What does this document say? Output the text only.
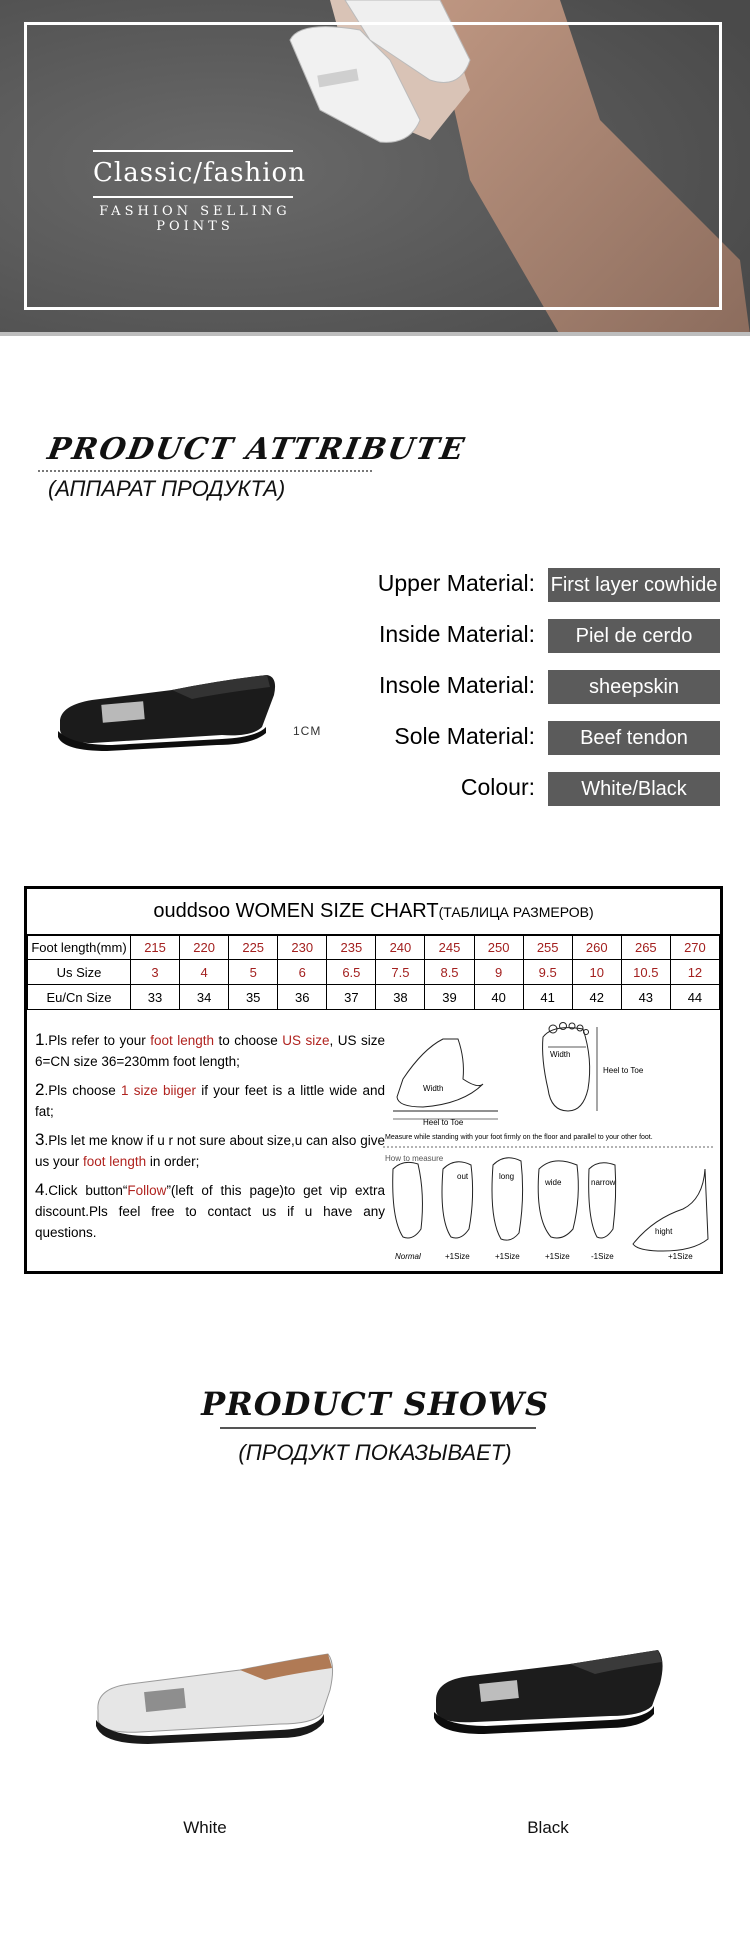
Classic/fashion
FASHION SELLING POINTS
PRODUCT ATTRIBUTE
(АППАРАТ ПРОДУКТА)
Upper Material: First layer cowhide
Inside Material:	Piel de cerdo
Insole Material:	sheepskin
Sole Material:	Beef tendon
Colour:	White/Black
1CM
ouddsoo WOMEN SIZE CHART(ТАБЛИЦА РАЗМЕРОВ)
Foot length(mm)	215	220	225	230	235	240	245	250	255	260	265	270
Us Size	3	4	5	6	6.5	7.5	8.5	9	9.5	10	10.5	12
Eu/Cn Size	33	34	35	36	37	38	39	40	41	42	43	44

1.Pls refer to your foot length to choose US size, US size 6=CN size 36=230mm foot length;

2.Pls choose 1 size biiger if your feet is a little wide and fat;

3.Pls let me know if u r not sure about size,u can also give us your foot length in order;

4.Click button“Follow”(left of this page)to get vip extra discount.Pls feel free to contact us if u have any questions.

Width
Heel to Toe
Width
Heel to Toe
Measure while standing with your foot firmly on the floor and parallel to your other foot.
How to measure
Normal
out
+1Size
long
+1Size
wide
+1Size
narrow
-1Size
hight
+1Size
PRODUCT SHOWS
(ПРОДУКТ ПОКАЗЫВАЕТ)
White	Black
